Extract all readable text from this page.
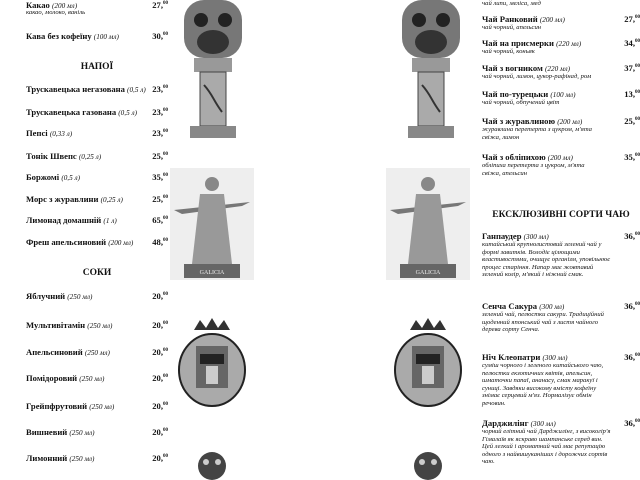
Какао (200 мл)	27,00
какао, молоко, ваніль
Кава без кофеїну (100 мл)	30,00
НАПОЇ
Трускавецька негазована (0,5 л) 23,00
Трускавецька газована (0,5 л) 23,00
Пепсі (0,33 л)	23,00
Тонік Швепс (0,25 л)	25,00
Боржомі (0,5 л)	35,00
Морс з журавлини (0,25 л)	25,00
Лимонад домашній (1 л)	65,00
Фреш апельсиновий (200 мл) 48,00
СОКИ
Яблучний (250 мл)	20,00
Мультивітамін (250 мл)	20,00
Апельсиновий (250 мл)	20,00
Помідоровий (250 мл)	20,00
Грейпфрутовий (250 мл)	20,00
Вишневий (250 мл)	20,00
Лимонний (250 мл)	20,00
GALICIA	GALICIA
чай липи, меліса, мед
Чай Ранковий (200 мл)	27,00
чай чорний, апельсин
Чай на присмерки (220 мл)	34,00
чай чорний, коньяк
Чай з вогником (220 мл)	37,00
чай чорний, лимон, цукор-рафінад, ром
Чай по-турецьки (100 мл)	13,00
чай чорний, обпучений цвіт
Чай з журавлиною (200 мл)	25,00
журавлина перетерта з цукром, м'ята свіжа, лимон
Чай з обліпихою (200 мл)	35,00
обліпиха перетерта з цукром, м'ята свіжа, апельсин
ЕКСКЛЮЗИВНІ СОРТИ ЧАЮ
Ганпаудер (300 мл)	36,00
китайський крупнолистовий зелений чай у формі завитків. Володіє цілющими властивостями, очищує організм, уповільнює процес старіння. Напар має жовтавий зелений колір, м'який і ніжний смак.
Сенча Сакура (300 мл)	36,00
зелений чай, пелюстки сакури. Традиційний щоденний японський чай з листя чайного дерева сорту Сенча.
Ніч Клеопатри (300 мл)	36,00
суміш чорного і зеленого китайського чаю, пелюстки екзотичних квітів, апельсин, шматочки папаї, ананасу, смак маракуї і суниці. Завдяки високому вмісту кофеїну знімає серцевий м'яз. Нормалізує обмін речовин.
Дарджилінг (300 мл)	36,00
чорний елітний чай Дарджилінг, з високогір'я Гімалаїв як яскраво шампанське серед вин. Цей легкий і ароматний чай має репутацію одного з найвишуканіших і дорожчих сортів чаю.
